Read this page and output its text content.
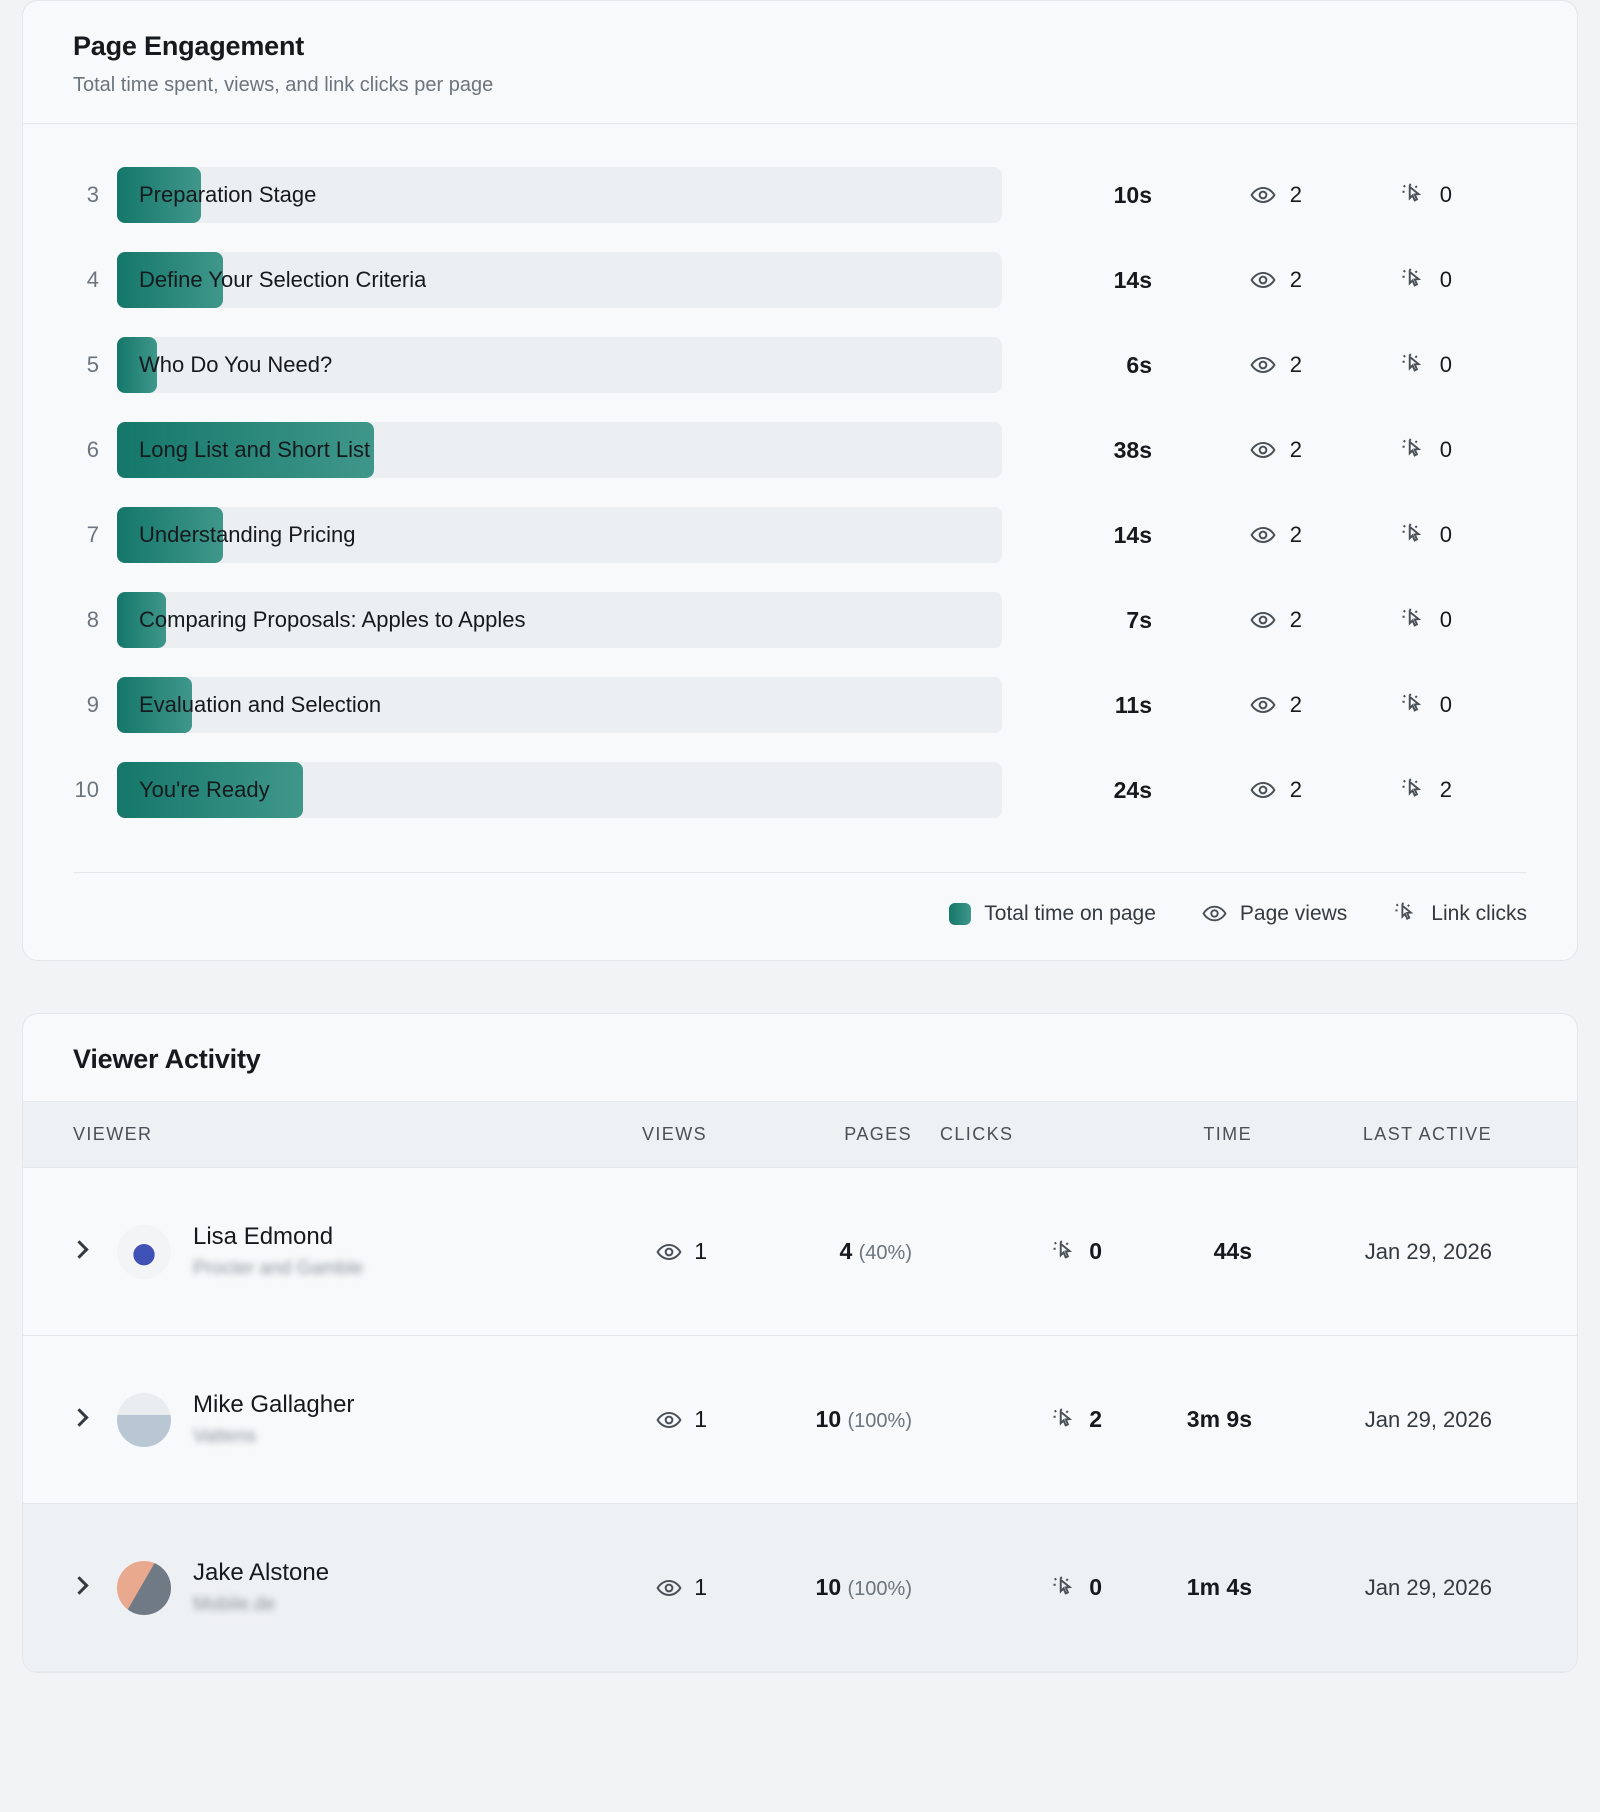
Page Engagement

Total time spent, views, and link clicks per page

3	Preparation Stage	10s	2	0
4	Define Your Selection Criteria	14s	2	0
5	Who Do You Need?	6s	2	0
6	Long List and Short List	38s	2	0
7	Understanding Pricing	14s	2	0
8	Comparing Proposals: Apples to Apples	7s	2	0
9	Evaluation and Selection	11s	2	0
10	You're Ready	24s	2	2
Total time on page	Page views	Link clicks
Viewer Activity
VIEWER	VIEWS	PAGES	CLICKS	TIME	LAST ACTIVE

Lisa Edmond

Procter and Gamble

1	4 (40%)	0	44s	Jan 29, 2026

Mike Gallagher

Vattens

1	10 (100%)	2	3m 9s	Jan 29, 2026

Jake Alstone

Mobile.de

1	10 (100%)	0	1m 4s	Jan 29, 2026
